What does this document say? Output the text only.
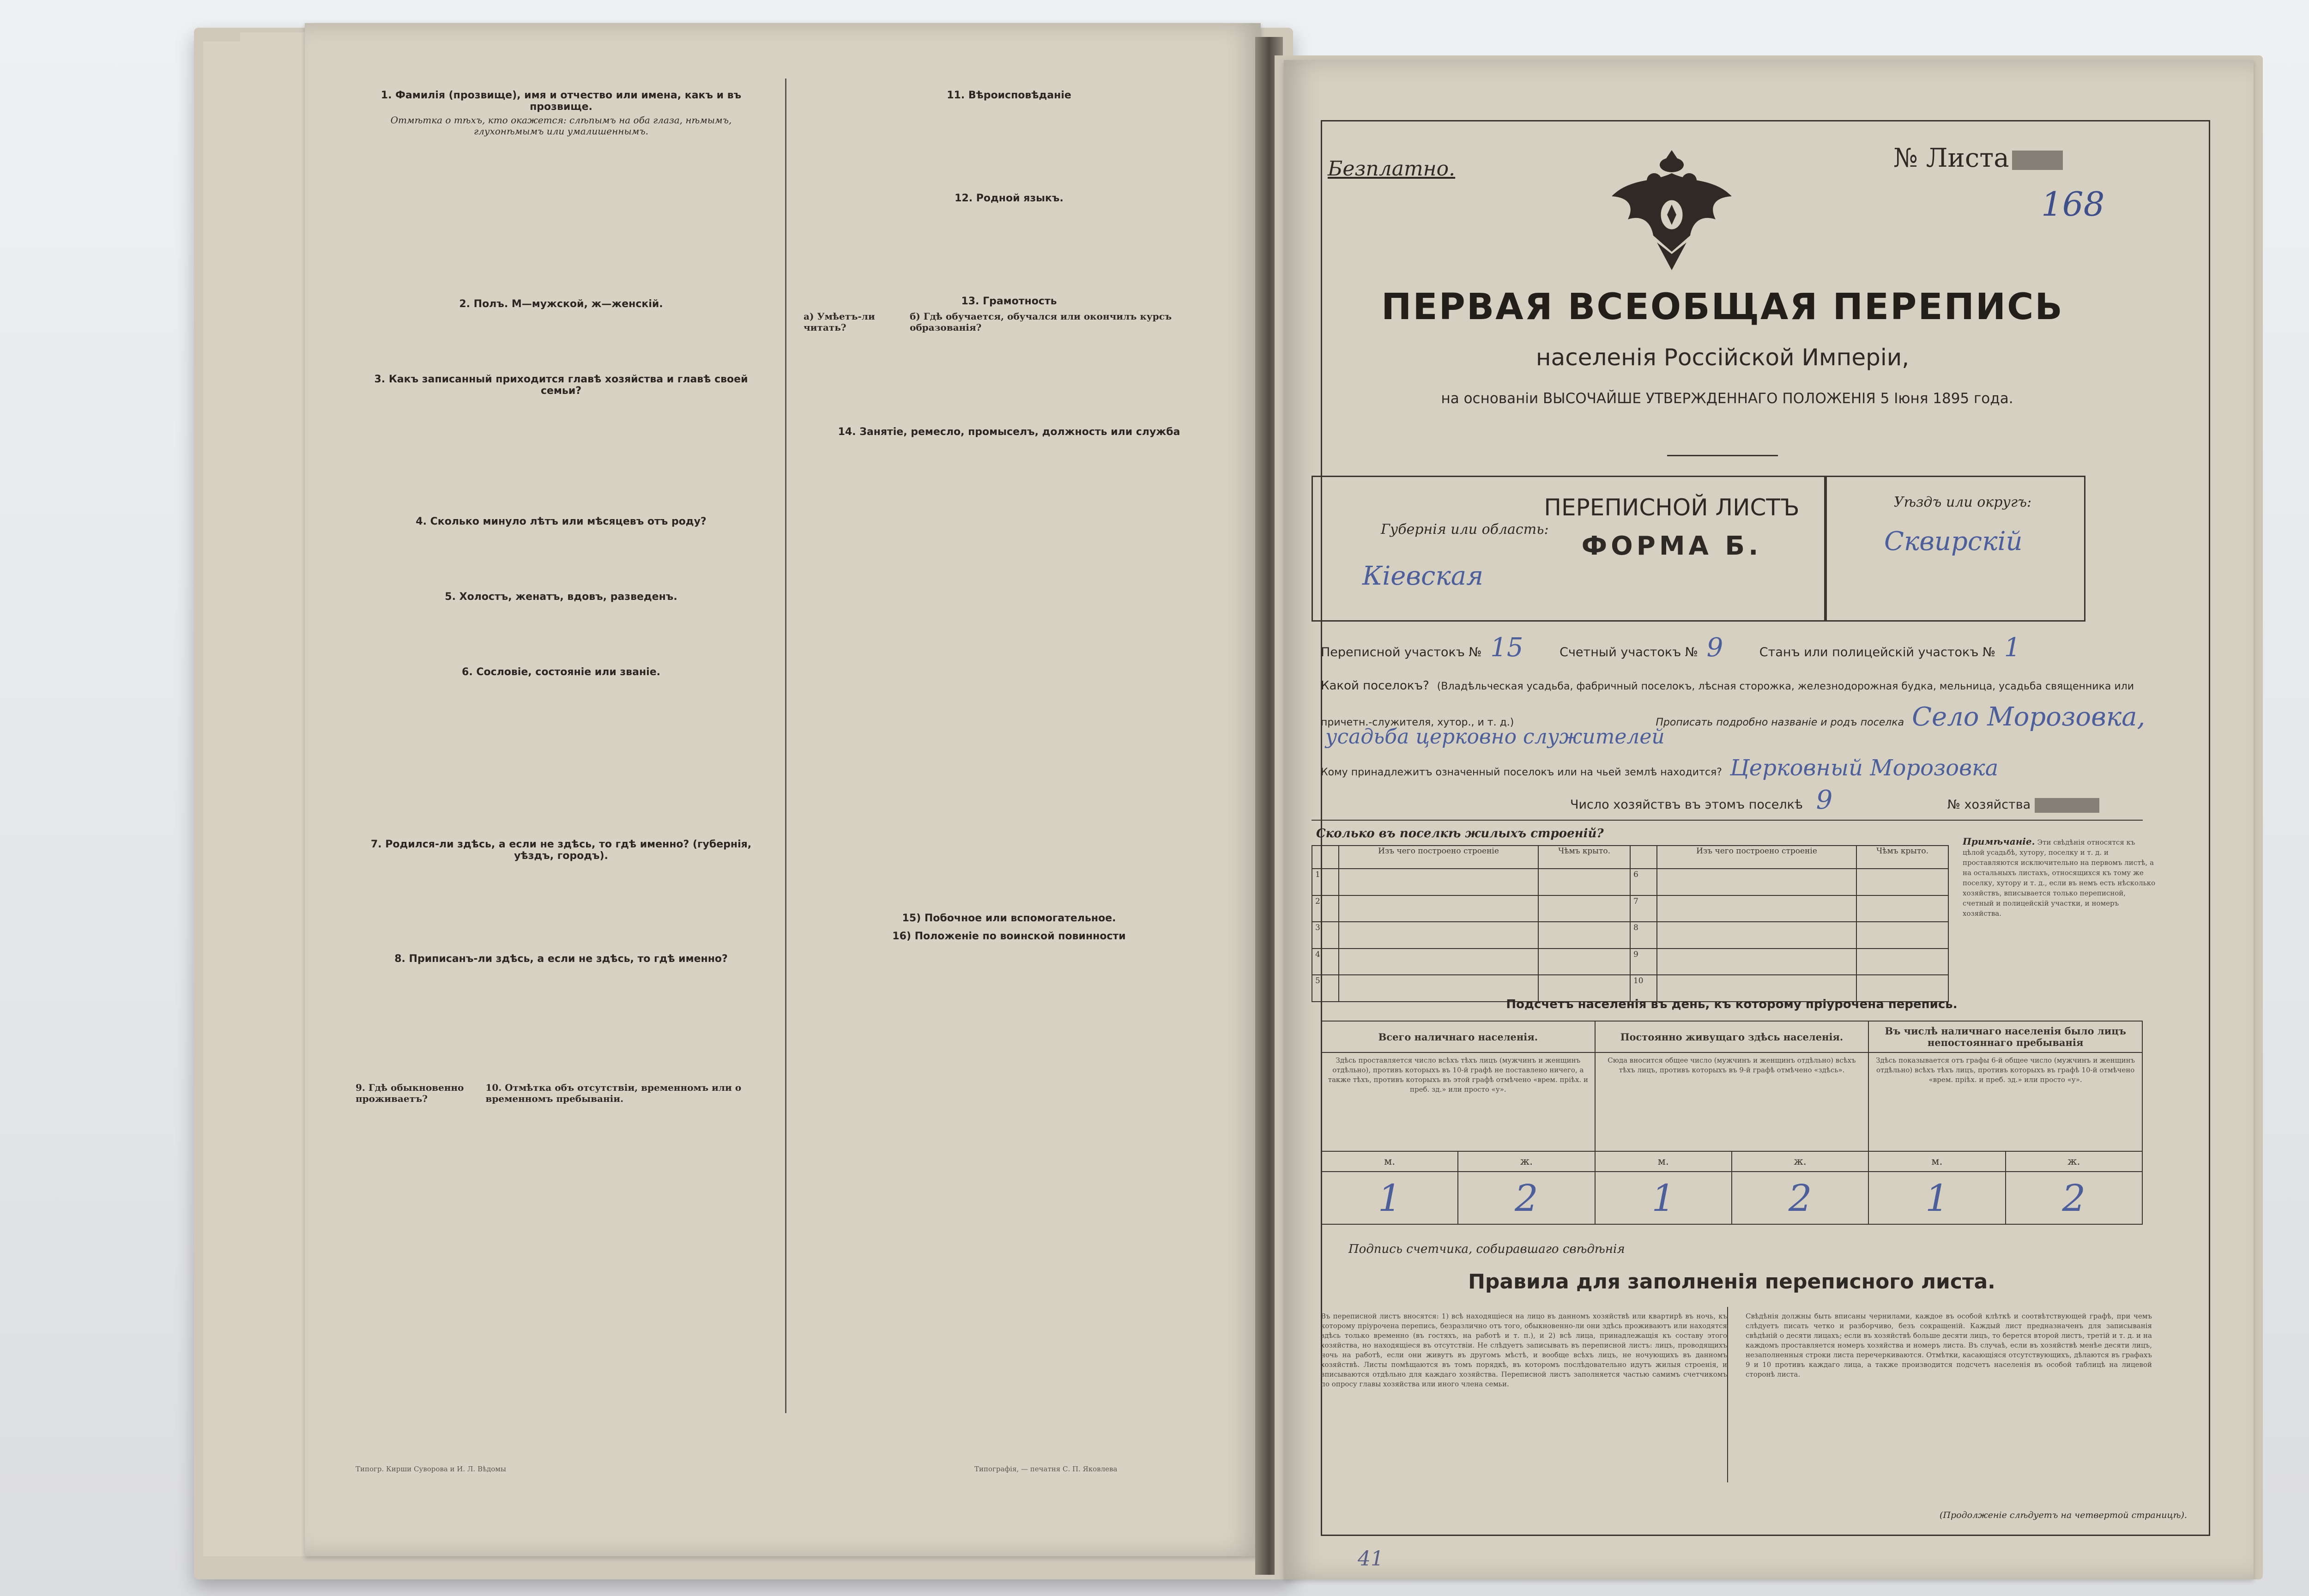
1. Фамилія (прозвище), имя и отчество или имена, какъ и въ прозвище.
Отмѣтка о тѣхъ, кто окажется: слѣпымъ на оба глаза, нѣмымъ, глухонѣмымъ или умалишеннымъ.
2. Полъ. М—мужской, ж—женскій.
3. Какъ записанный приходится главѣ хозяйства и главѣ своей семьи?
4. Сколько минуло лѣтъ или мѣсяцевъ отъ роду?
5. Холостъ, женатъ, вдовъ, разведенъ.
6. Сословіе, состояніе или званіе.
7. Родился-ли здѣсь, а если не здѣсь, то гдѣ именно? (губернія, уѣздъ, городъ).
8. Приписанъ-ли здѣсь, а если не здѣсь, то гдѣ именно?
9. Гдѣ обыкновенно проживаетъ?
10. Отмѣтка объ отсутствіи, временномъ или о временномъ пребываніи.
11. Вѣроисповѣданіе
12. Родной языкъ.
13. Грамотность
а) Умѣетъ-ли читать?
б) Гдѣ обучается, обучался или окончилъ курсъ образованія?
14. Занятіе, ремесло, промыселъ, должность или служба
15) Побочное или вспомогательное.
16) Положеніе по воинской повинности
Типогр. Кирши Суворова и И. Л. Вѣдомы	Типографія, — печатня С. П. Яковлева
Безплатно.	№ Листа
168
ПЕРВАЯ ВСЕОБЩАЯ ПЕРЕПИСЬ
населенія Россійской Имперіи,
на основаніи ВЫСОЧАЙШЕ УТВЕРЖДЕННАГО ПОЛОЖЕНІЯ 5 Іюня 1895 года.
Губернія или область:
Кіевская
ПЕРЕПИСНОЙ ЛИСТЪ
ФОРМА Б.
Уѣздъ или округъ:
Сквирскій
Переписной участокъ № 15	Счетный участокъ № 9	Станъ или полицейскій участокъ № 1
Какой поселокъ? (Владѣльческая усадьба, фабричный поселокъ, лѣсная сторожка, железнодорожная будка, мельница, усадьба священника или
причетн.-служителя, хутор., и т. д.)	Прописать подробно названіе и родъ поселка Село Морозовка,
усадьба церковно служителей
Кому принадлежитъ означенный поселокъ или на чьей землѣ находится? Церковный Морозовка
Число хозяйствъ въ этомъ поселкѣ 9	№ хозяйства
Сколько въ поселкѣ жилыхъ строеній?
	Изъ чего построено строеніе	Чѣмъ крыто.		Изъ чего построено строеніе	Чѣмъ крыто.
1			6		
2			7		
3			8		
4			9		
5			10		
Примѣчаніе. Эти свѣдѣнія относятся къ цѣлой усадьбѣ, хутору, поселку и т. д. и проставляются исключительно на первомъ листѣ, а на остальныхъ листахъ, относящихся къ тому же поселку, хутору и т. д., если въ немъ есть нѣсколько хозяйствъ, вписывается только переписной, счетный и полицейскій участки, и номеръ хозяйства.
Подсчетъ населенія въ день, къ которому пріурочена перепись.
Всего наличнаго населенія.		Постоянно живущаго здѣсь населенія.		Въ числѣ наличнаго населенія было лицъ непостояннаго пребыванія	
Здѣсь проставляется число всѣхъ тѣхъ лицъ (мужчинъ и женщинъ отдѣльно), противъ которыхъ въ 10-й графѣ не поставлено ничего, а также тѣхъ, противъ которыхъ въ этой графѣ отмѣчено «врем. пріѣх. и преб. зд.» или просто «у».		Сюда вносится общее число (мужчинъ и женщинъ отдѣльно) всѣхъ тѣхъ лицъ, противъ которыхъ въ 9-й графѣ отмѣчено «здѣсь».		Здѣсь показывается отъ графы 6-й общее число (мужчинъ и женщинъ отдѣльно) всѣхъ тѣхъ лицъ, противъ которыхъ въ графѣ 10-й отмѣчено «врем. пріѣх. и преб. зд.» или просто «у».	
м.	ж.	м.	ж.	м.	ж.
1	2	1	2	1	2
Подпись счетчика, собиравшаго свѣдѣнія
Правила для заполненія переписного листа.
Въ переписной листъ вносятся: 1) всѣ находящіеся на лицо въ данномъ хозяйствѣ или квартирѣ въ ночь, къ которому пріурочена перепись, безразлично отъ того, обыкновенно-ли они здѣсь проживаютъ или находятся здѣсь только временно (въ гостяхъ, на работѣ и т. п.), и 2) всѣ лица, принадлежащія къ составу этого хозяйства, но находящіеся въ отсутствіи. Не слѣдуетъ записывать въ переписной листъ: лицъ, проводящихъ ночь на работѣ, если они живутъ въ другомъ мѣстѣ, и вообще всѣхъ лицъ, не ночующихъ въ данномъ хозяйствѣ. Листы помѣщаются въ томъ порядкѣ, въ которомъ послѣдовательно идутъ жилыя строенія, и вписываются отдѣльно для каждаго хозяйства. Переписной листъ заполняется частью самимъ счетчикомъ по опросу главы хозяйства или иного члена семьи.
Свѣдѣнія должны быть вписаны чернилами, каждое въ особой клѣткѣ и соотвѣтствующей графѣ, при чемъ слѣдуетъ писать четко и разборчиво, безъ сокращеній. Каждый лист предназначенъ для записыванія свѣдѣній о десяти лицахъ; если въ хозяйствѣ больше десяти лицъ, то берется второй листъ, третій и т. д. и на каждомъ проставляется номеръ хозяйства и номеръ листа. Въ случаѣ, если въ хозяйствѣ менѣе десяти лицъ, незаполненныя строки листа перечеркиваются. Отмѣтки, касающіяся отсутствующихъ, дѣлаются въ графахъ 9 и 10 противъ каждаго лица, а также производится подсчетъ населенія въ особой таблицѣ на лицевой сторонѣ листа.
(Продолженіе слѣдуетъ на четвертой страницѣ).
41
